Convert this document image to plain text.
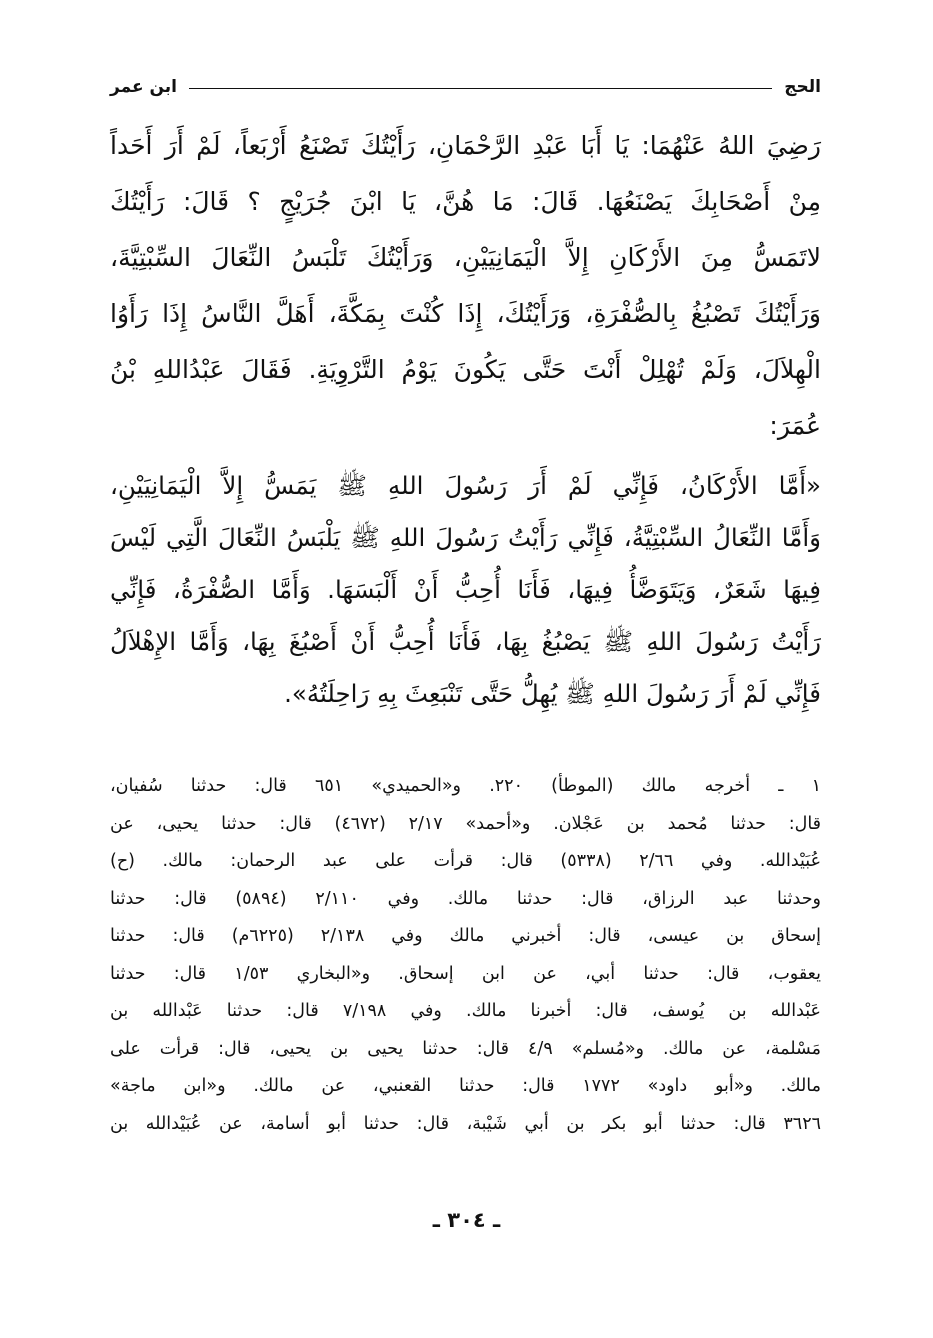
الحج
ابن عمر
رَضِيَ اللهُ عَنْهُمَا: يَا أَبَا عَبْدِ الرَّحْمَانِ، رَأَيْتُكَ تَصْنَعُ أَرْبَعاً، لَمْ أَرَ أَحَداً
مِنْ أَصْحَابِكَ يَصْنَعُهَا. قَالَ: مَا هُنَّ، يَا ابْنَ جُرَيْجٍ ؟ قَالَ: رَأَيْتُكَ
لاتَمَسُّ مِنَ الأَرْكَانِ إِلاَّ الْيَمَانِيَيْنِ، وَرَأَيْتُكَ تَلْبَسُ النِّعَالَ السِّبْتِيَّةَ،
وَرَأَيْتُكَ تَصْبُغُ بِالصُّفْرَةِ، وَرَأَيْتُكَ، إِذَا كُنْتَ بِمَكَّةَ، أَهَلَّ النَّاسُ إِذَا رَأَوُا
الْهِلاَلَ، وَلَمْ تُهْلِلْ أَنْتَ حَتَّى يَكُونَ يَوْمُ التَّرْوِيَةِ. فَقَالَ عَبْدُاللهِ بْنُ
عُمَرَ:
«أَمَّا الأَرْكَانُ، فَإِنِّي لَمْ أَرَ رَسُولَ اللهِ ﷺ يَمَسُّ إِلاَّ الْيَمَانِيَيْنِ،
وَأَمَّا النِّعَالُ السِّبْتِيَّةُ، فَإِنِّي رَأَيْتُ رَسُولَ اللهِ ﷺ يَلْبَسُ النِّعَالَ الَّتِي لَيْسَ
فِيهَا شَعَرٌ، وَيَتَوَضَّأُ فِيهَا، فَأَنَا أُحِبُّ أَنْ أَلْبَسَهَا. وَأَمَّا الصُّفْرَةُ، فَإِنِّي
رَأَيْتُ رَسُولَ اللهِ ﷺ يَصْبُغُ بِهَا، فَأَنَا أُحِبُّ أَنْ أَصْبُغَ بِهَا، وَأَمَّا الإِهْلاَلُ
فَإِنِّي لَمْ أَرَ رَسُولَ اللهِ ﷺ يُهِلُّ حَتَّى تَنْبَعِثَ بِهِ رَاحِلَتُهُ».
١ ـ أخرجه مالك (الموطأ) ٢٢٠. و«الحميدي» ٦٥١ قال: حدثنا سُفيان،
قال: حدثنا مُحمد بن عَجْلان. و«أحمد» ٢/١٧ (٤٦٧٢) قال: حدثنا يحيى، عن
عُبَيْدالله. وفي ٢/٦٦ (٥٣٣٨) قال: قرأت على عبد الرحمان: مالك. (ح)
وحدثنا عبد الرزاق، قال: حدثنا مالك. وفي ٢/١١٠ (٥٨٩٤) قال: حدثنا
إسحاق بن عيسى، قال: أخبرني مالك وفي ٢/١٣٨ (٦٢٢٥م) قال: حدثنا
يعقوب، قال: حدثنا أبي، عن ابن إسحاق. و«البخاري ١/٥٣ قال: حدثنا
عَبْدالله بن يُوسف، قال: أخبرنا مالك. وفي ٧/١٩٨ قال: حدثنا عَبْدالله بن
مَسْلمة، عن مالك. و«مُسلم» ٤/٩ قال: حدثنا يحيى بن يحيى، قال: قرأت على
مالك. و«أبو داود» ١٧٧٢ قال: حدثنا القعنبي، عن مالك. و«ابن ماجة»
٣٦٢٦ قال: حدثنا أبو بكر بن أبي شَيْبة، قال: حدثنا أبو أسامة، عن عُبَيْدالله بن
ـ ٣٠٤ ـ
